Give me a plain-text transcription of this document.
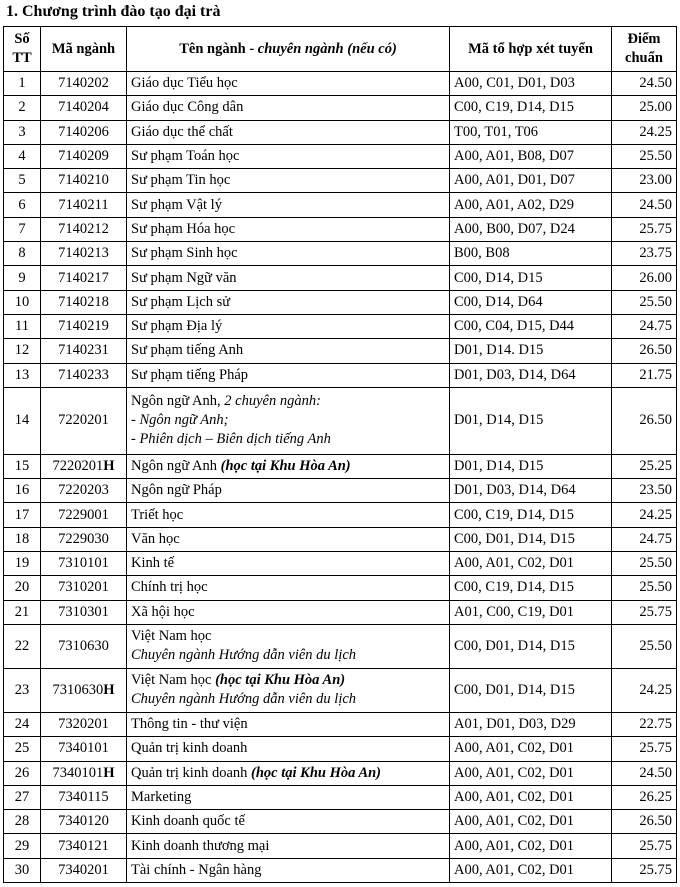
1. Chương trình đào tạo đại trà
Số
TT	Mã ngành	Tên ngành - chuyên ngành (nếu có)	Mã tổ hợp xét tuyển	Điểm
chuẩn

1	7140202	Giáo dục Tiểu học	A00, C01, D01, D03	24.50
2	7140204	Giáo dục Công dân	C00, C19, D14, D15	25.00
3	7140206	Giáo dục thể chất	T00, T01, T06	24.25
4	7140209	Sư phạm Toán học	A00, A01, B08, D07	25.50
5	7140210	Sư phạm Tin học	A00, A01, D01, D07	23.00
6	7140211	Sư phạm Vật lý	A00, A01, A02, D29	24.50
7	7140212	Sư phạm Hóa học	A00, B00, D07, D24	25.75
8	7140213	Sư phạm Sinh học	B00, B08	23.75
9	7140217	Sư phạm Ngữ văn	C00, D14, D15	26.00
10	7140218	Sư phạm Lịch sử	C00, D14, D64	25.50
11	7140219	Sư phạm Địa lý	C00, C04, D15, D44	24.75
12	7140231	Sư phạm tiếng Anh	D01, D14. D15	26.50
13	7140233	Sư phạm tiếng Pháp	D01, D03, D14, D64	21.75
14	7220201	Ngôn ngữ Anh, 2 chuyên ngành:
- Ngôn ngữ Anh;
- Phiên dịch – Biên dịch tiếng Anh	D01, D14, D15	26.50
15	7220201H	Ngôn ngữ Anh (học tại Khu Hòa An)	D01, D14, D15	25.25
16	7220203	Ngôn ngữ Pháp	D01, D03, D14, D64	23.50
17	7229001	Triết học	C00, C19, D14, D15	24.25
18	7229030	Văn học	C00, D01, D14, D15	24.75
19	7310101	Kinh tế	A00, A01, C02, D01	25.50
20	7310201	Chính trị học	C00, C19, D14, D15	25.50
21	7310301	Xã hội học	A01, C00, C19, D01	25.75
22	7310630	Việt Nam học
Chuyên ngành Hướng dẫn viên du lịch	C00, D01, D14, D15	25.50
23	7310630H	Việt Nam học (học tại Khu Hòa An)
Chuyên ngành Hướng dẫn viên du lịch	C00, D01, D14, D15	24.25
24	7320201	Thông tin - thư viện	A01, D01, D03, D29	22.75
25	7340101	Quản trị kinh doanh	A00, A01, C02, D01	25.75
26	7340101H	Quản trị kinh doanh (học tại Khu Hòa An)	A00, A01, C02, D01	24.50
27	7340115	Marketing	A00, A01, C02, D01	26.25
28	7340120	Kinh doanh quốc tế	A00, A01, C02, D01	26.50
29	7340121	Kinh doanh thương mại	A00, A01, C02, D01	25.75
30	7340201	Tài chính - Ngân hàng	A00, A01, C02, D01	25.75
